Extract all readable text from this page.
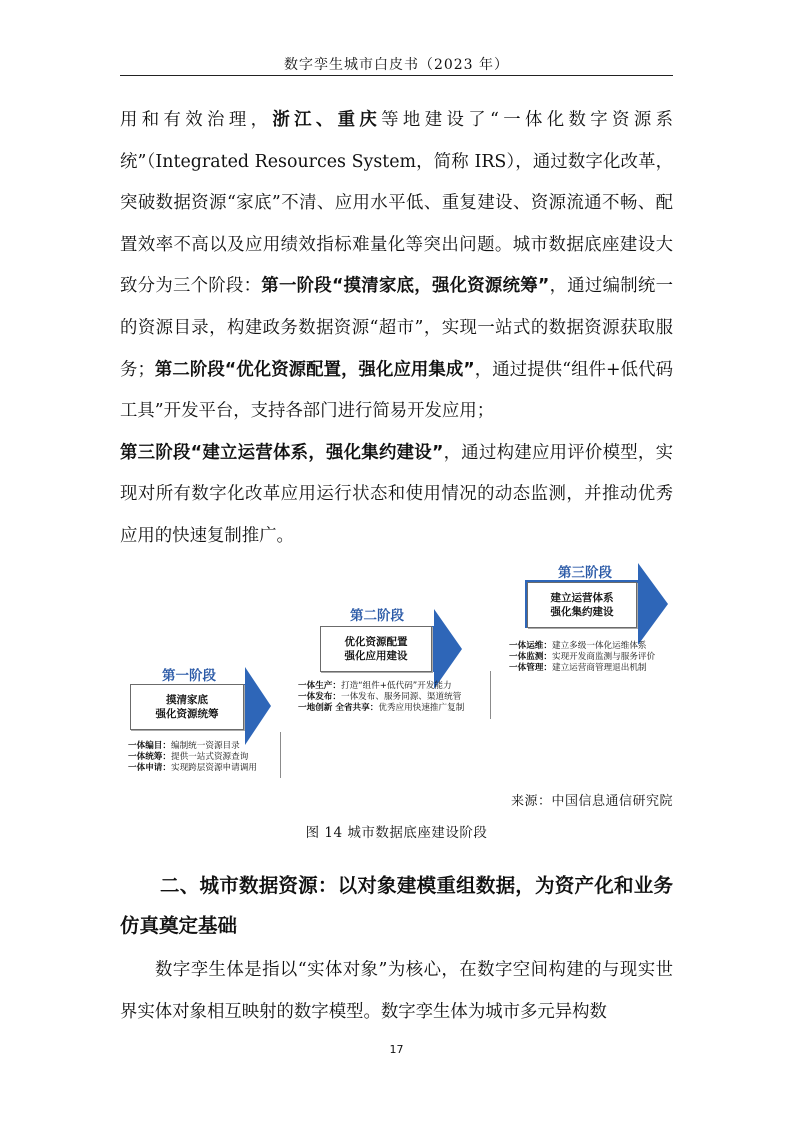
数字孪生城市白皮书（2023 年）

用和有效治理，浙江、重庆等地建设了“一体化数字资源系统”（Integrated Resources System，简称 IRS），通过数字化改革，突破数据资源“家底”不清、应用水平低、重复建设、资源流通不畅、配置效率不高以及应用绩效指标难量化等突出问题。城市数据底座建设大致分为三个阶段：第一阶段“摸清家底，强化资源统筹”，通过编制统一的资源目录，构建政务数据资源“超市”，实现一站式的数据资源获取服务；第二阶段“优化资源配置，强化应用集成”，通过提供“组件+低代码工具”开发平台，支持各部门进行简易开发应用；
第三阶段“建立运营体系，强化集约建设”，通过构建应用评价模型，实现对所有数字化改革应用运行状态和使用情况的动态监测，并推动优秀应用的快速复制推广。

第一阶段
摸清家底
强化资源统筹
一体编目：编制统一资源目录
一体统筹：提供一站式资源查询
一体申请：实现跨层资源申请调用
第二阶段
优化资源配置
强化应用建设
一体生产：打造“组件+低代码”开发能力
一体发布：一体发布、服务同源、渠道统管
一地创新 全省共享：优秀应用快速推广复制
第三阶段
建立运营体系
强化集约建设
一体运维：建立多级一体化运维体系
一体监测：实现开发商监测与服务评价
一体管理：建立运营商管理退出机制
来源：中国信息通信研究院
图 14 城市数据底座建设阶段
二、城市数据资源：以对象建模重组数据，为资产化和业务仿真奠定基础

数字孪生体是指以“实体对象”为核心，在数字空间构建的与现实世界实体对象相互映射的数字模型。数字孪生体为城市多元异构数

17
